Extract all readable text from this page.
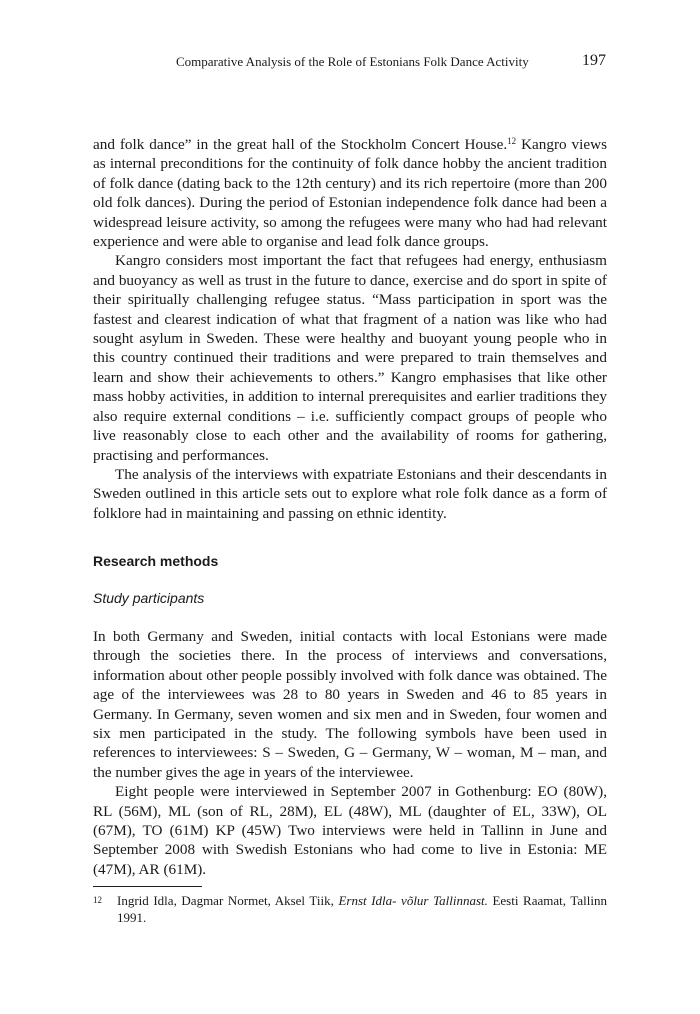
Comparative Analysis of the Role of Estonians Folk Dance Activity	197

and folk dance” in the great hall of the Stockholm Concert House.$^{12}$ Kangro views as internal preconditions for the continuity of folk dance hobby the ancient tradition of folk dance (dating back to the 12th century) and its rich repertoire (more than 200 old folk dances). During the period of Estonian independence folk dance had been a widespread leisure activity, so among the refugees were many who had had relevant experience and were able to organise and lead folk dance groups.

Kangro considers most important the fact that refugees had energy, enthusiasm and buoyancy as well as trust in the future to dance, exercise and do sport in spite of their spiritually challenging refugee status. “Mass participation in sport was the fastest and clearest indication of what that fragment of a nation was like who had sought asylum in Sweden. These were healthy and buoyant young people who in this country continued their traditions and were prepared to train themselves and learn and show their achievements to others.” Kangro emphasises that like other mass hobby activities, in addition to internal prerequisites and earlier traditions they also require external conditions – i.e. sufficiently compact groups of people who live reasonably close to each other and the availability of rooms for gathering, practising and performances.

The analysis of the interviews with expatriate Estonians and their descendants in Sweden outlined in this article sets out to explore what role folk dance as a form of folklore had in maintaining and passing on ethnic identity.

Research methods
Study participants

In both Germany and Sweden, initial contacts with local Estonians were made through the societies there. In the process of interviews and conversations, information about other people possibly involved with folk dance was obtained. The age of the interviewees was 28 to 80 years in Sweden and 46 to 85 years in Germany. In Germany, seven women and six men and in Sweden, four women and six men participated in the study. The following symbols have been used in references to interviewees: S – Sweden, G – Germany, W – woman, M – man, and the number gives the age in years of the interviewee.

Eight people were interviewed in September 2007 in Gothenburg: EO (80W), RL (56M), ML (son of RL, 28M), EL (48W), ML (daughter of EL, 33W), OL (67M), TO (61M) KP (45W) Two interviews were held in Tallinn in June and September 2008 with Swedish Estonians who had come to live in Estonia: ME (47M), AR (61M).

12 Ingrid Idla, Dagmar Normet, Aksel Tiik, Ernst Idla- võlur Tallinnast. Eesti Raamat, Tallinn 1991.
